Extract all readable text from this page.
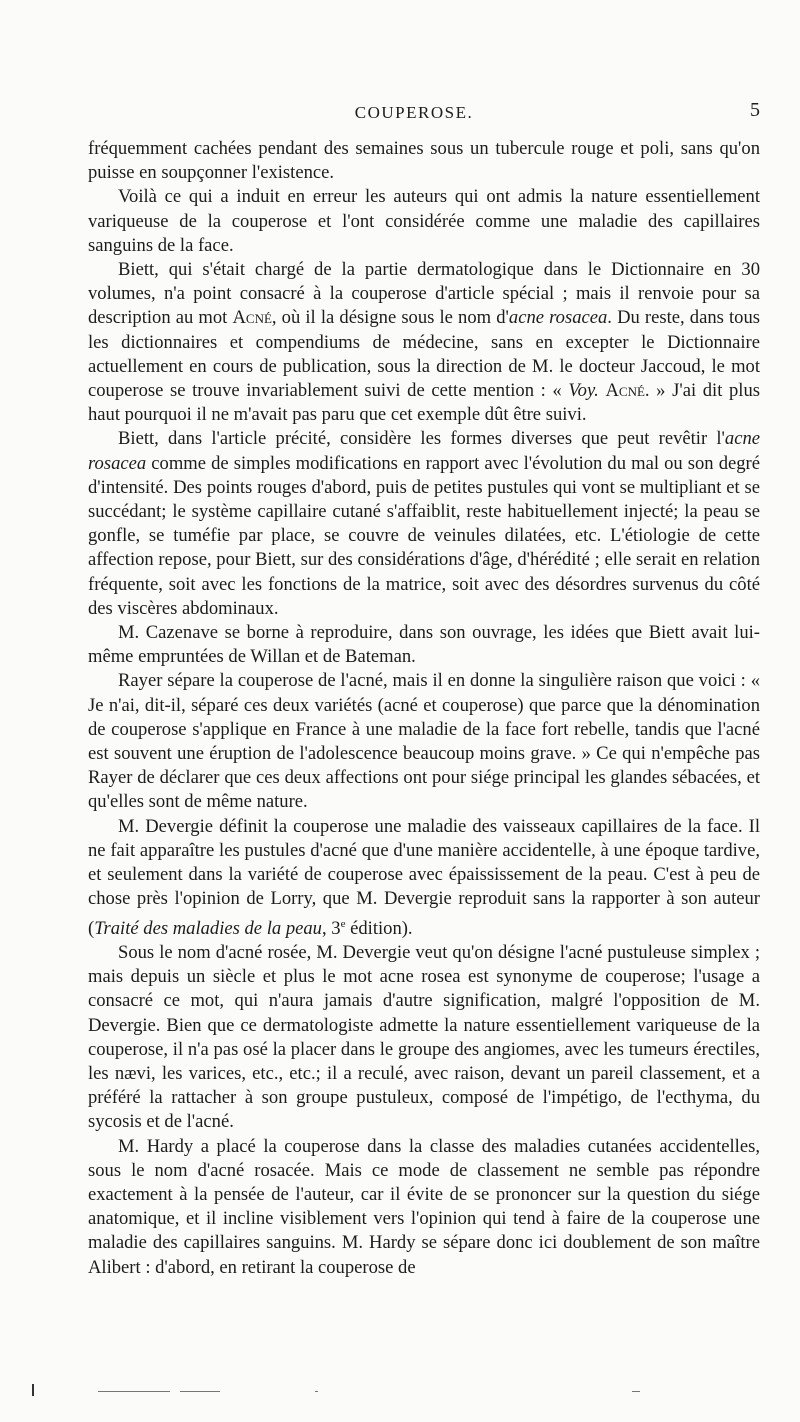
COUPEROSE.	5

fréquemment cachées pendant des semaines sous un tubercule rouge et poli, sans qu'on puisse en soupçonner l'existence.

Voilà ce qui a induit en erreur les auteurs qui ont admis la nature essentiellement variqueuse de la couperose et l'ont considérée comme une maladie des capillaires sanguins de la face.

Biett, qui s'était chargé de la partie dermatologique dans le Dictionnaire en 30 volumes, n'a point consacré à la couperose d'article spécial ; mais il renvoie pour sa description au mot Acné, où il la désigne sous le nom d'acne rosacea. Du reste, dans tous les dictionnaires et compendiums de médecine, sans en excepter le Dictionnaire actuellement en cours de publication, sous la direction de M. le docteur Jaccoud, le mot couperose se trouve invariablement suivi de cette mention : « Voy. Acné. » J'ai dit plus haut pourquoi il ne m'avait pas paru que cet exemple dût être suivi.

Biett, dans l'article précité, considère les formes diverses que peut revêtir l'acne rosacea comme de simples modifications en rapport avec l'évolution du mal ou son degré d'intensité. Des points rouges d'abord, puis de petites pustules qui vont se multipliant et se succédant; le système capillaire cutané s'affaiblit, reste habituellement injecté; la peau se gonfle, se tuméfie par place, se couvre de veinules dilatées, etc. L'étiologie de cette affection repose, pour Biett, sur des considérations d'âge, d'hérédité ; elle serait en relation fréquente, soit avec les fonctions de la matrice, soit avec des désordres survenus du côté des viscères abdominaux.

M. Cazenave se borne à reproduire, dans son ouvrage, les idées que Biett avait lui-même empruntées de Willan et de Bateman.

Rayer sépare la couperose de l'acné, mais il en donne la singulière raison que voici : « Je n'ai, dit-il, séparé ces deux variétés (acné et couperose) que parce que la dénomination de couperose s'applique en France à une maladie de la face fort rebelle, tandis que l'acné est souvent une éruption de l'adolescence beaucoup moins grave. » Ce qui n'empêche pas Rayer de déclarer que ces deux affections ont pour siége principal les glandes sébacées, et qu'elles sont de même nature.

M. Devergie définit la couperose une maladie des vaisseaux capillaires de la face. Il ne fait apparaître les pustules d'acné que d'une manière accidentelle, à une époque tardive, et seulement dans la variété de couperose avec épaississement de la peau. C'est à peu de chose près l'opinion de Lorry, que M. Devergie reproduit sans la rapporter à son auteur (Traité des maladies de la peau, 3e édition).

Sous le nom d'acné rosée, M. Devergie veut qu'on désigne l'acné pustuleuse simplex ; mais depuis un siècle et plus le mot acne rosea est synonyme de couperose; l'usage a consacré ce mot, qui n'aura jamais d'autre signification, malgré l'opposition de M. Devergie. Bien que ce dermatologiste admette la nature essentiellement variqueuse de la couperose, il n'a pas osé la placer dans le groupe des angiomes, avec les tumeurs érectiles, les nævi, les varices, etc., etc.; il a reculé, avec raison, devant un pareil classement, et a préféré la rattacher à son groupe pustuleux, composé de l'impétigo, de l'ecthyma, du sycosis et de l'acné.

M. Hardy a placé la couperose dans la classe des maladies cutanées accidentelles, sous le nom d'acné rosacée. Mais ce mode de classement ne semble pas répondre exactement à la pensée de l'auteur, car il évite de se prononcer sur la question du siége anatomique, et il incline visiblement vers l'opinion qui tend à faire de la couperose une maladie des capillaires sanguins. M. Hardy se sépare donc ici doublement de son maître Alibert : d'abord, en retirant la couperose de
